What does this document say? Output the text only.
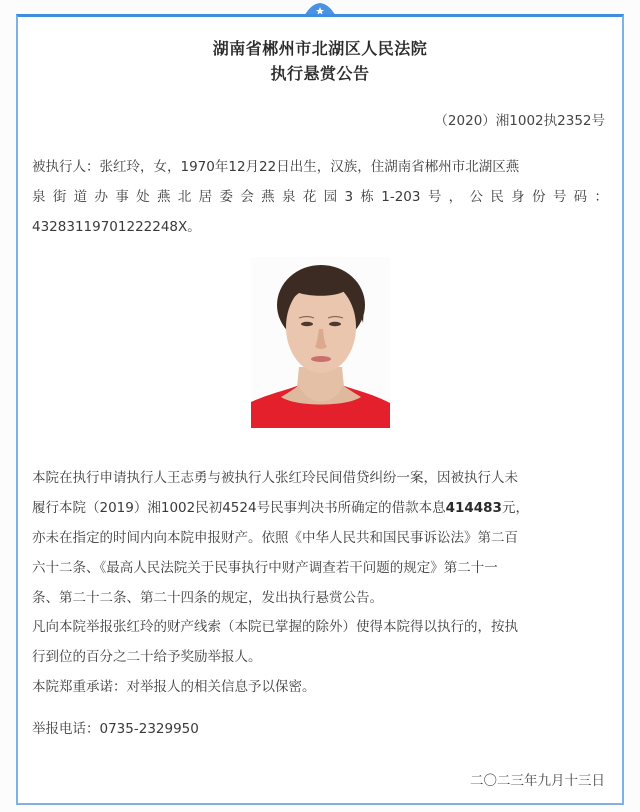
湖南省郴州市北湖区人民法院
执行悬赏公告
（2020）湘1002执2352号
被执行人：张红玲，女，1970年12月22日出生，汉族，住湖南省郴州市北湖区燕
泉街道办事处燕北居委会燕泉花园3栋1-203号，公民身份号码：
43283119701222248X。
本院在执行申请执行人王志勇与被执行人张红玲民间借贷纠纷一案，因被执行人未
履行本院（2019）湘1002民初4524号民事判决书所确定的借款本息414483元，
亦未在指定的时间内向本院申报财产。依照《中华人民共和国民事诉讼法》第二百
六十二条、《最高人民法院关于民事执行中财产调查若干问题的规定》第二十一
条、第二十二条、第二十四条的规定，发出执行悬赏公告。
凡向本院举报张红玲的财产线索（本院已掌握的除外）使得本院得以执行的，按执
行到位的百分之二十给予奖励举报人。
本院郑重承诺：对举报人的相关信息予以保密。
举报电话：0735-2329950
二〇二三年九月十三日
